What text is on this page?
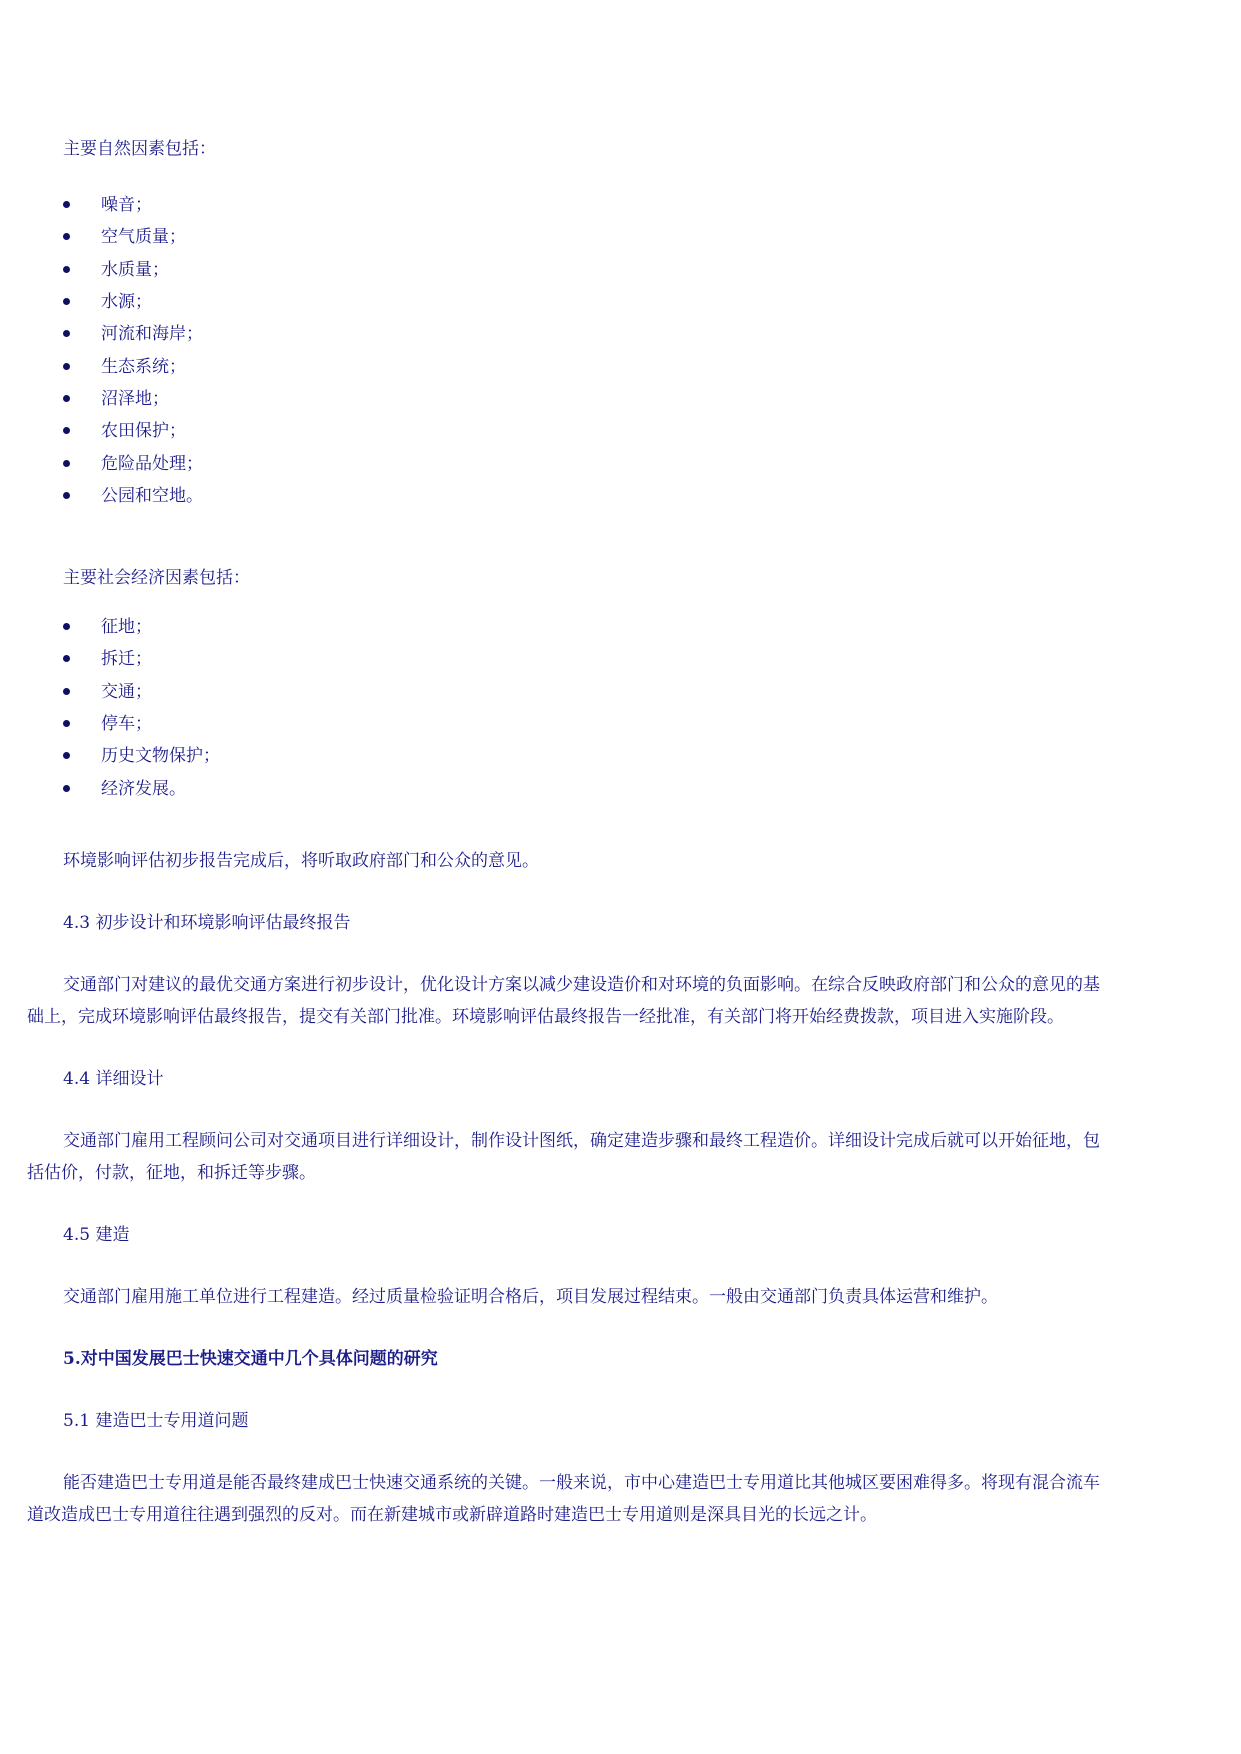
主要自然因素包括：
噪音；
空气质量；
水质量；
水源；
河流和海岸；
生态系统；
沼泽地；
农田保护；
危险品处理；
公园和空地。
主要社会经济因素包括：
征地；
拆迁；
交通；
停车；
历史文物保护；
经济发展。
环境影响评估初步报告完成后，将听取政府部门和公众的意见。
4.3 初步设计和环境影响评估最终报告
交通部门对建议的最优交通方案进行初步设计，优化设计方案以减少建设造价和对环境的负面影响。在综合反映政府部门和公众的意见的基
础上，完成环境影响评估最终报告，提交有关部门批准。环境影响评估最终报告一经批准，有关部门将开始经费拨款，项目进入实施阶段。
4.4 详细设计
交通部门雇用工程顾问公司对交通项目进行详细设计，制作设计图纸，确定建造步骤和最终工程造价。详细设计完成后就可以开始征地，包
括估价，付款，征地，和拆迁等步骤。
4.5 建造
交通部门雇用施工单位进行工程建造。经过质量检验证明合格后，项目发展过程结束。一般由交通部门负责具体运营和维护。
5.对中国发展巴士快速交通中几个具体问题的研究
5.1 建造巴士专用道问题
能否建造巴士专用道是能否最终建成巴士快速交通系统的关键。一般来说，市中心建造巴士专用道比其他城区要困难得多。将现有混合流车
道改造成巴士专用道往往遇到强烈的反对。而在新建城市或新辟道路时建造巴士专用道则是深具目光的长远之计。
